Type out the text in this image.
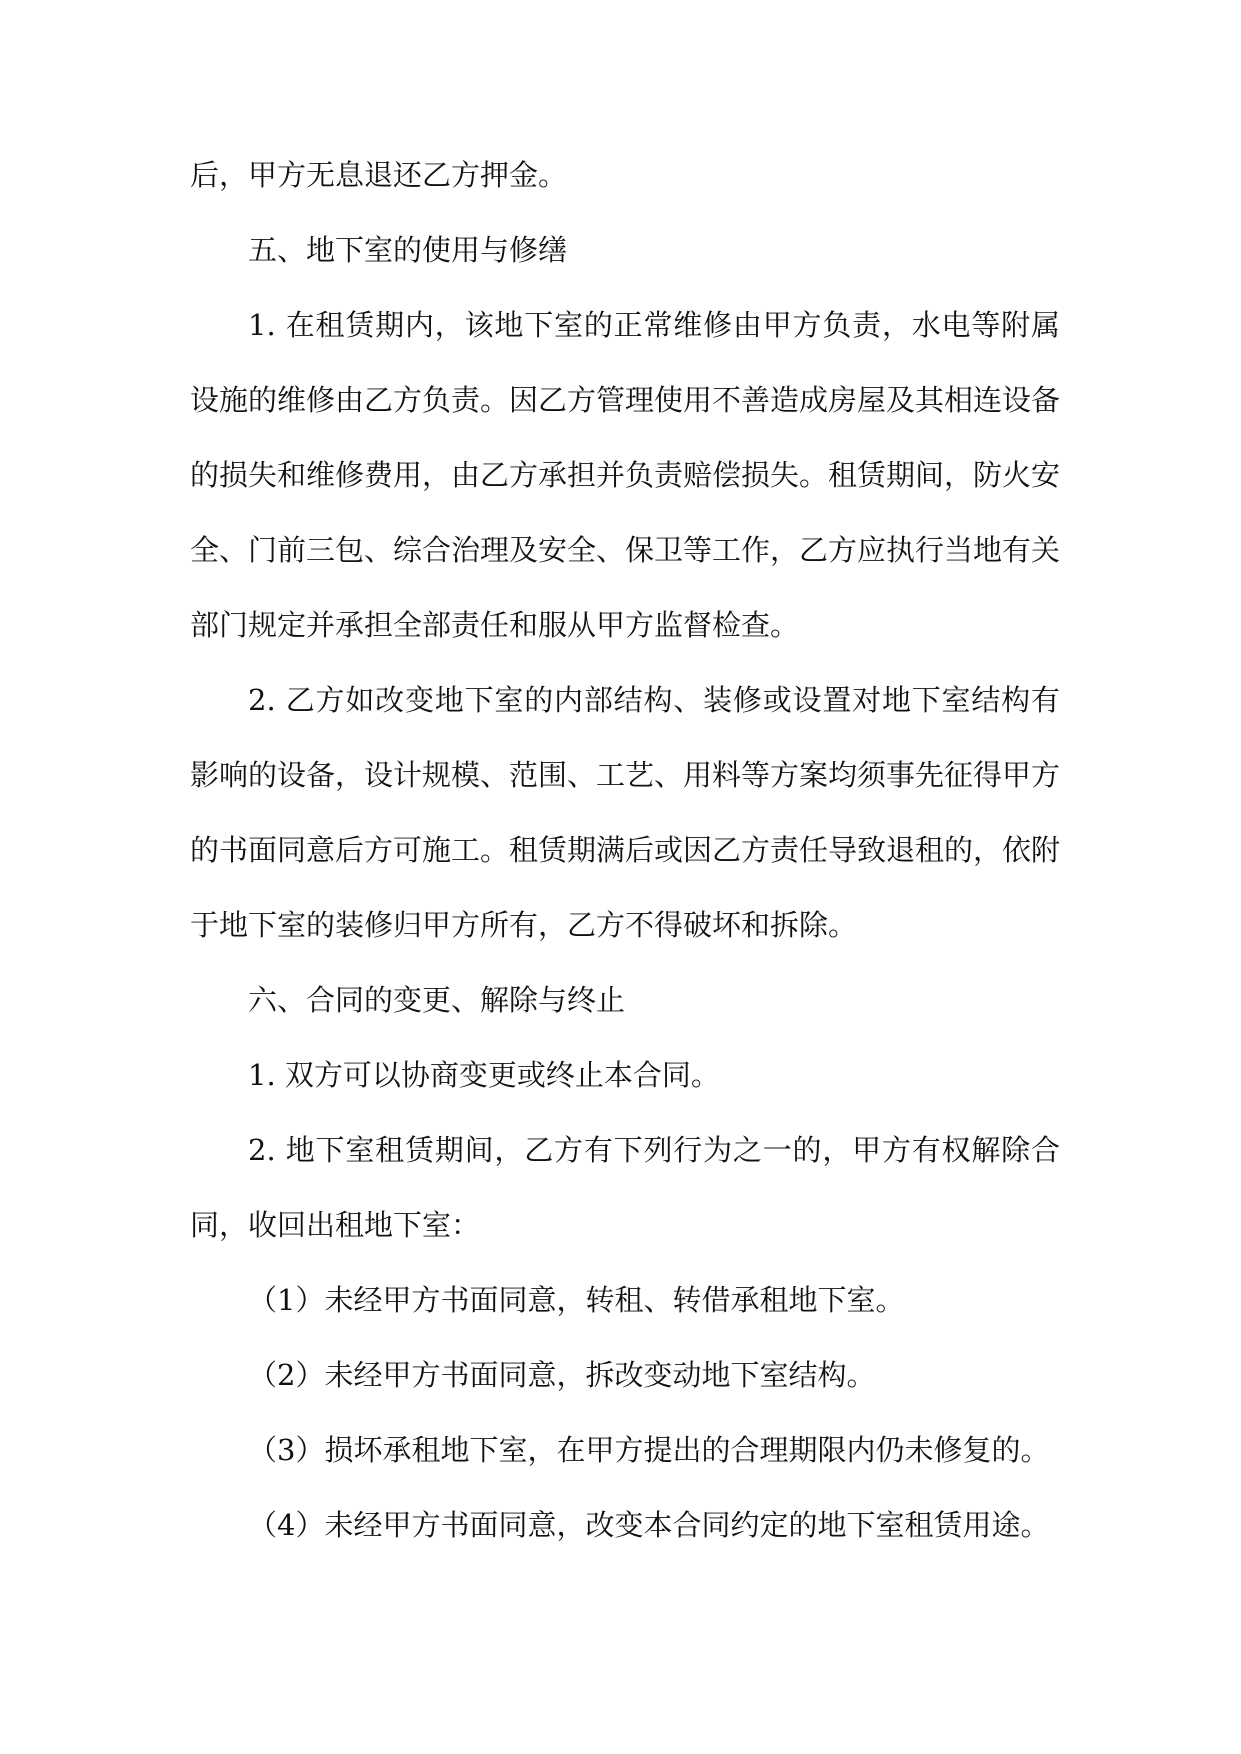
后，甲方无息退还乙方押金。

五、地下室的使用与修缮

1. 在租赁期内，该地下室的正常维修由甲方负责，水电等附属设施的维修由乙方负责。因乙方管理使用不善造成房屋及其相连设备的损失和维修费用，由乙方承担并负责赔偿损失。租赁期间，防火安全、门前三包、综合治理及安全、保卫等工作，乙方应执行当地有关部门规定并承担全部责任和服从甲方监督检查。

2. 乙方如改变地下室的内部结构、装修或设置对地下室结构有影响的设备，设计规模、范围、工艺、用料等方案均须事先征得甲方的书面同意后方可施工。租赁期满后或因乙方责任导致退租的，依附于地下室的装修归甲方所有，乙方不得破坏和拆除。

六、合同的变更、解除与终止

1. 双方可以协商变更或终止本合同。

2. 地下室租赁期间，乙方有下列行为之一的，甲方有权解除合同，收回出租地下室：

（1）未经甲方书面同意，转租、转借承租地下室。

（2）未经甲方书面同意，拆改变动地下室结构。

（3）损坏承租地下室，在甲方提出的合理期限内仍未修复的。

（4）未经甲方书面同意，改变本合同约定的地下室租赁用途。
